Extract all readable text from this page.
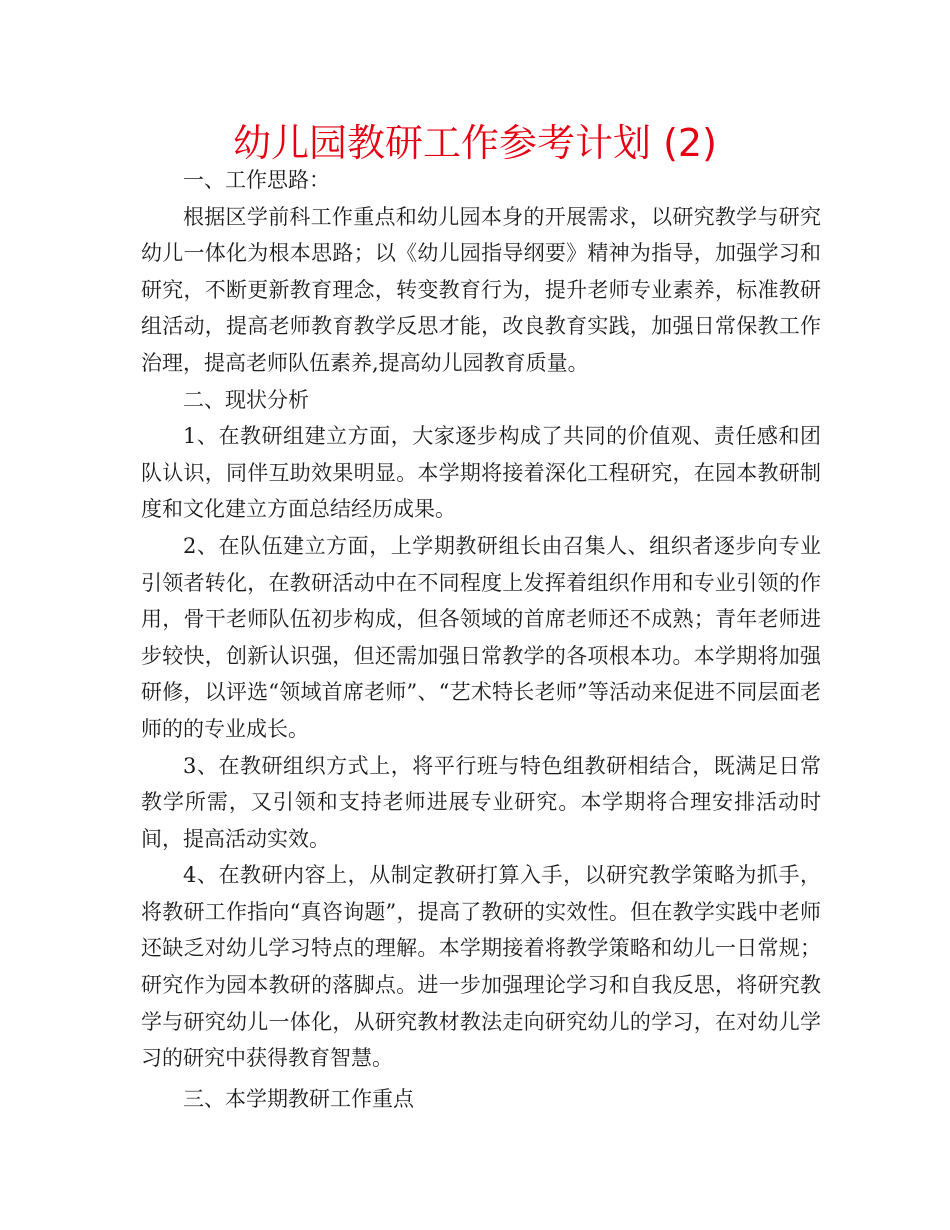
幼儿园教研工作参考计划 (2)

一、工作思路：

根据区学前科工作重点和幼儿园本身的开展需求，以研究教学与研究幼儿一体化为根本思路；以《幼儿园指导纲要》精神为指导，加强学习和研究，不断更新教育理念，转变教育行为，提升老师专业素养，标准教研组活动，提高老师教育教学反思才能，改良教育实践，加强日常保教工作治理，提高老师队伍素养,提高幼儿园教育质量。

二、现状分析

1、在教研组建立方面，大家逐步构成了共同的价值观、责任感和团队认识，同伴互助效果明显。本学期将接着深化工程研究，在园本教研制度和文化建立方面总结经历成果。

2、在队伍建立方面，上学期教研组长由召集人、组织者逐步向专业引领者转化，在教研活动中在不同程度上发挥着组织作用和专业引领的作用，骨干老师队伍初步构成，但各领域的首席老师还不成熟；青年老师进步较快，创新认识强，但还需加强日常教学的各项根本功。本学期将加强研修，以评选“领域首席老师”、“艺术特长老师”等活动来促进不同层面老师的的专业成长。

3、在教研组织方式上，将平行班与特色组教研相结合，既满足日常教学所需，又引领和支持老师进展专业研究。本学期将合理安排活动时间，提高活动实效。

4、在教研内容上，从制定教研打算入手，以研究教学策略为抓手，将教研工作指向“真咨询题”，提高了教研的实效性。但在教学实践中老师还缺乏对幼儿学习特点的理解。本学期接着将教学策略和幼儿一日常规；研究作为园本教研的落脚点。进一步加强理论学习和自我反思，将研究教学与研究幼儿一体化，从研究教材教法走向研究幼儿的学习，在对幼儿学习的研究中获得教育智慧。

三、本学期教研工作重点
